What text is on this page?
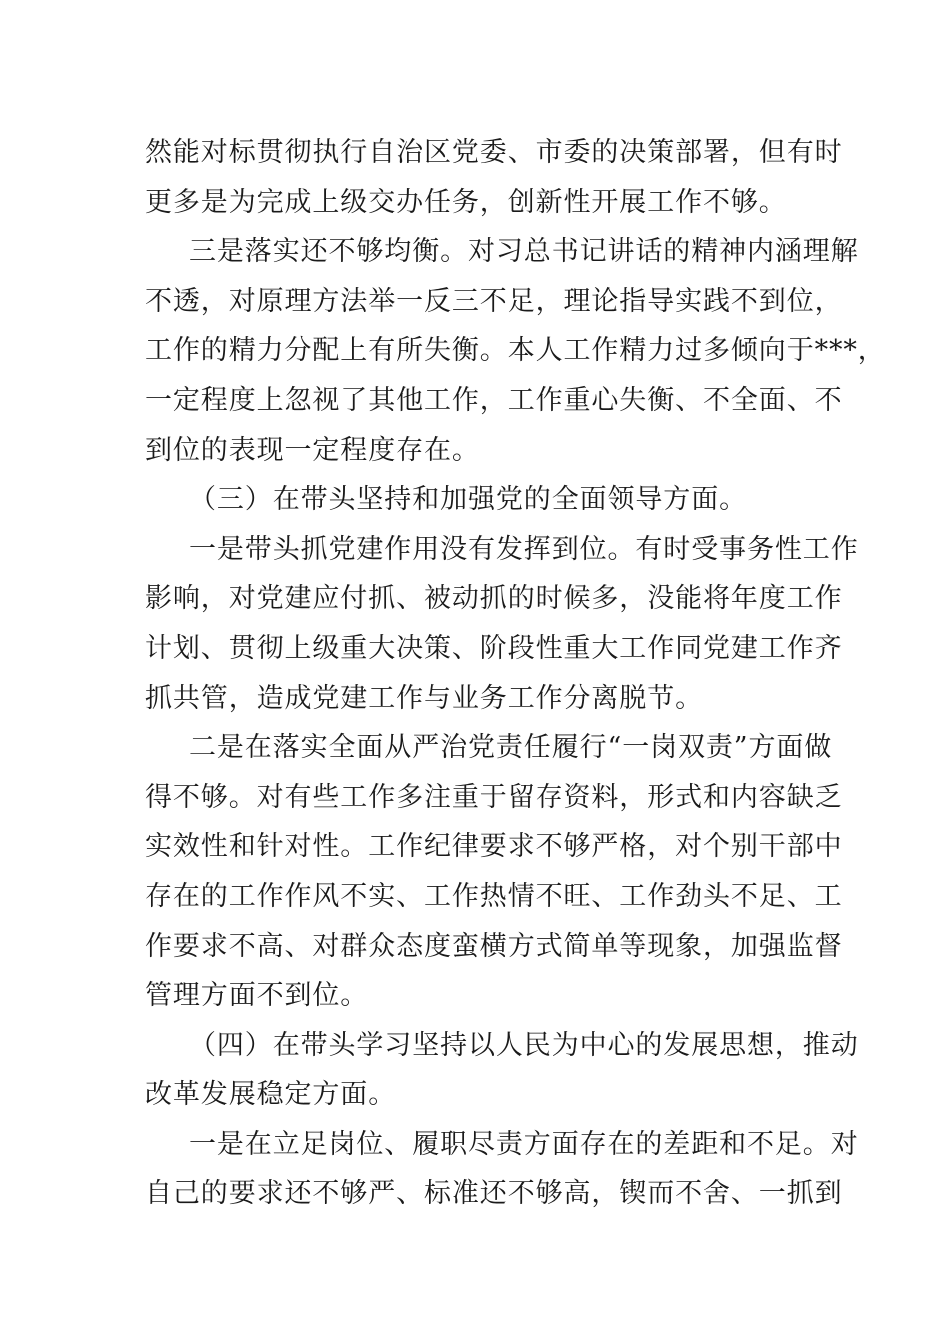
然能对标贯彻执行自治区党委、市委的决策部署，但有时
更多是为完成上级交办任务，创新性开展工作不够。
三是落实还不够均衡。对习总书记讲话的精神内涵理解
不透，对原理方法举一反三不足，理论指导实践不到位，
工作的精力分配上有所失衡。本人工作精力过多倾向于***，
一定程度上忽视了其他工作，工作重心失衡、不全面、不
到位的表现一定程度存在。
（三）在带头坚持和加强党的全面领导方面。
一是带头抓党建作用没有发挥到位。有时受事务性工作
影响，对党建应付抓、被动抓的时候多，没能将年度工作
计划、贯彻上级重大决策、阶段性重大工作同党建工作齐
抓共管，造成党建工作与业务工作分离脱节。
二是在落实全面从严治党责任履行“一岗双责”方面做
得不够。对有些工作多注重于留存资料，形式和内容缺乏
实效性和针对性。工作纪律要求不够严格，对个别干部中
存在的工作作风不实、工作热情不旺、工作劲头不足、工
作要求不高、对群众态度蛮横方式简单等现象，加强监督
管理方面不到位。
（四）在带头学习坚持以人民为中心的发展思想，推动
改革发展稳定方面。
一是在立足岗位、履职尽责方面存在的差距和不足。对
自己的要求还不够严、标准还不够高，锲而不舍、一抓到
